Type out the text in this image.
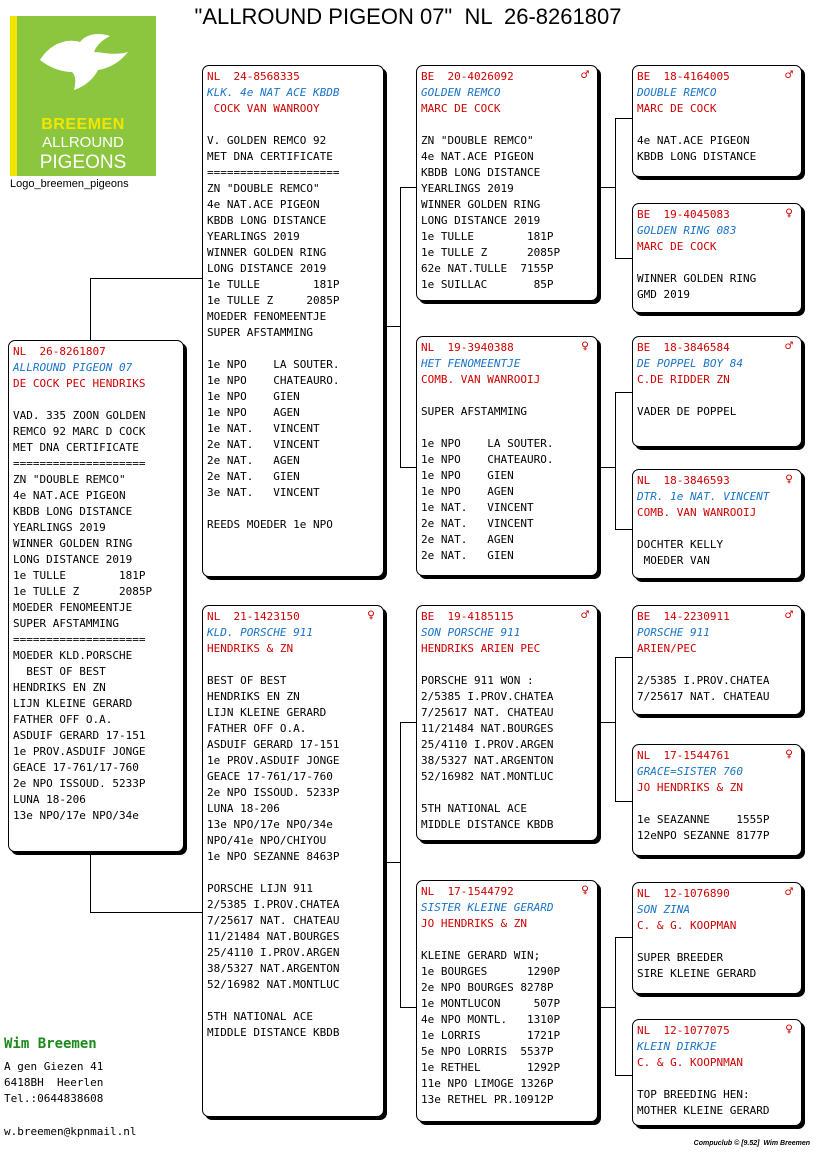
"ALLROUND PIGEON 07"  NL  26-8261807
BREEMEN
ALLROUND
PIGEONS
Logo_breemen_pigeons
NL  26-8261807
ALLROUND PIGEON 07
DE COCK PEC HENDRIKS
VAD. 335 ZOON GOLDEN
REMCO 92 MARC D COCK
MET DNA CERTIFICATE
====================
ZN "DOUBLE REMCO"
4e NAT.ACE PIGEON
KBDB LONG DISTANCE
YEARLINGS 2019
WINNER GOLDEN RING
LONG DISTANCE 2019
1e TULLE        181P
1e TULLE Z      2085P
MOEDER FENOMEENTJE
SUPER AFSTAMMING
====================
MOEDER KLD.PORSCHE
BEST OF BEST
HENDRIKS EN ZN
LIJN KLEINE GERARD
FATHER OFF O.A.
ASDUIF GERARD 17-151
1e PROV.ASDUIF JONGE
GEACE 17-761/17-760
2e NPO ISSOUD. 5233P
LUNA 18-206
13e NPO/17e NPO/34e
NL  24-8568335
KLK. 4e NAT ACE KBDB
COCK VAN WANROOY
V. GOLDEN REMCO 92
MET DNA CERTIFICATE
====================
ZN "DOUBLE REMCO"
4e NAT.ACE PIGEON
KBDB LONG DISTANCE
YEARLINGS 2019
WINNER GOLDEN RING
LONG DISTANCE 2019
1e TULLE        181P
1e TULLE Z     2085P
MOEDER FENOMEENTJE
SUPER AFSTAMMING
1e NPO    LA SOUTER.
1e NPO    CHATEAURO.
1e NPO    GIEN
1e NPO    AGEN
1e NAT.   VINCENT
2e NAT.   VINCENT
2e NAT.   AGEN
2e NAT.   GIEN
3e NAT.   VINCENT
REEDS MOEDER 1e NPO
NL  21-1423150
KLD. PORSCHE 911
HENDRIKS & ZN
BEST OF BEST
HENDRIKS EN ZN
LIJN KLEINE GERARD
FATHER OFF O.A.
ASDUIF GERARD 17-151
1e PROV.ASDUIF JONGE
GEACE 17-761/17-760
2e NPO ISSOUD. 5233P
LUNA 18-206
13e NPO/17e NPO/34e
NPO/41e NPO/CHIYOU
1e NPO SEZANNE 8463P
PORSCHE LIJN 911
2/5385 I.PROV.CHATEA
7/25617 NAT. CHATEAU
11/21484 NAT.BOURGES
25/4110 I.PROV.ARGEN
38/5327 NAT.ARGENTON
52/16982 NAT.MONTLUC
5TH NATIONAL ACE
MIDDLE DISTANCE KBDB
♀
BE  20-4026092
GOLDEN REMCO
MARC DE COCK
ZN "DOUBLE REMCO"
4e NAT.ACE PIGEON
KBDB LONG DISTANCE
YEARLINGS 2019
WINNER GOLDEN RING
LONG DISTANCE 2019
1e TULLE        181P
1e TULLE Z      2085P
62e NAT.TULLE  7155P
1e SUILLAC       85P
♂
NL  19-3940388
HET FENOMEENTJE
COMB. VAN WANROOIJ
SUPER AFSTAMMING
1e NPO    LA SOUTER.
1e NPO    CHATEAURO.
1e NPO    GIEN
1e NPO    AGEN
1e NAT.   VINCENT
2e NAT.   VINCENT
2e NAT.   AGEN
2e NAT.   GIEN
♀
BE  19-4185115
SON PORSCHE 911
HENDRIKS ARIEN PEC
PORSCHE 911 WON :
2/5385 I.PROV.CHATEA
7/25617 NAT. CHATEAU
11/21484 NAT.BOURGES
25/4110 I.PROV.ARGEN
38/5327 NAT.ARGENTON
52/16982 NAT.MONTLUC
5TH NATIONAL ACE
MIDDLE DISTANCE KBDB
♂
NL  17-1544792
SISTER KLEINE GERARD
JO HENDRIKS & ZN
KLEINE GERARD WIN;
1e BOURGES      1290P
2e NPO BOURGES 8278P
1e MONTLUCON     507P
4e NPO MONTL.   1310P
1e LORRIS       1721P
5e NPO LORRIS  5537P
1e RETHEL       1292P
11e NPO LIMOGE 1326P
13e RETHEL PR.10912P
♀
BE  18-4164005
DOUBLE REMCO
MARC DE COCK
4e NAT.ACE PIGEON
KBDB LONG DISTANCE
♂
BE  19-4045083
GOLDEN RING 083
MARC DE COCK
WINNER GOLDEN RING
GMD 2019
♀
BE  18-3846584
DE POPPEL BOY 84
C.DE RIDDER ZN
VADER DE POPPEL
♂
NL  18-3846593
DTR. 1e NAT. VINCENT
COMB. VAN WANROOIJ
DOCHTER KELLY
MOEDER VAN
♀
BE  14-2230911
PORSCHE 911
ARIEN/PEC
2/5385 I.PROV.CHATEA
7/25617 NAT. CHATEAU
♂
NL  17-1544761
GRACE=SISTER 760
JO HENDRIKS & ZN
1e SEAZANNE    1555P
12eNPO SEZANNE 8177P
♀
NL  12-1076890
SON ZINA
C. & G. KOOPMAN
SUPER BREEDER
SIRE KLEINE GERARD
♂
NL  12-1077075
KLEIN DIRKJE
C. & G. KOOPNMAN
TOP BREEDING HEN:
MOTHER KLEINE GERARD
♀
Wim Breemen
A gen Giezen 41
6418BH  Heerlen
Tel.:0644838608
w.breemen@kpnmail.nl
Compuclub © [9.52]  Wim Breemen
